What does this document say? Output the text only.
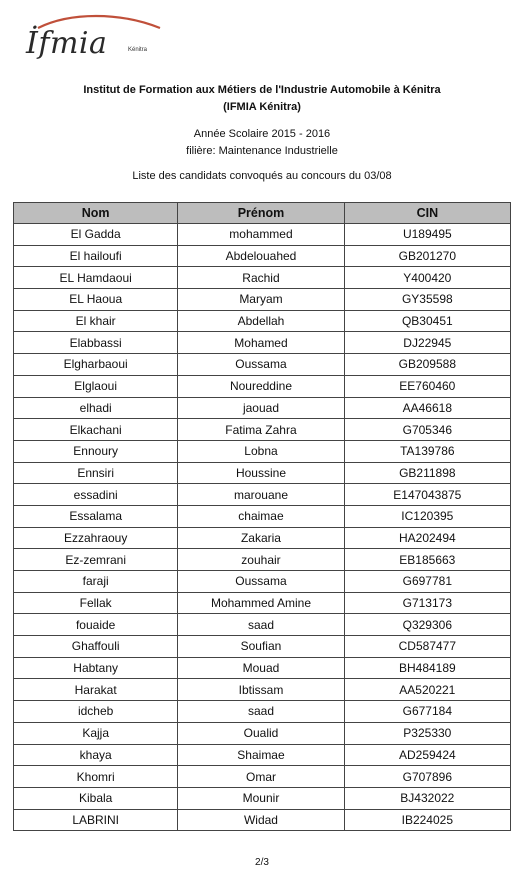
İfmia	Kénitra
Institut de Formation aux Métiers de l'Industrie Automobile à Kénitra
(IFMIA Kénitra)
Année Scolaire 2015 - 2016
filière: Maintenance Industrielle
Liste des candidats convoqués au concours du 03/08
Nom	Prénom	CIN
El Gadda	mohammed	U189495
El hailoufi	Abdelouahed	GB201270
EL Hamdaoui	Rachid	Y400420
EL Haoua	Maryam	GY35598
El khair	Abdellah	QB30451
Elabbassi	Mohamed	DJ22945
Elgharbaoui	Oussama	GB209588
Elglaoui	Noureddine	EE760460
elhadi	jaouad	AA46618
Elkachani	Fatima Zahra	G705346
Ennoury	Lobna	TA139786
Ennsiri	Houssine	GB211898
essadini	marouane	E147043875
Essalama	chaimae	IC120395
Ezzahraouy	Zakaria	HA202494
Ez-zemrani	zouhair	EB185663
faraji	Oussama	G697781
Fellak	Mohammed Amine	G713173
fouaide	saad	Q329306
Ghaffouli	Soufian	CD587477
Habtany	Mouad	BH484189
Harakat	Ibtissam	AA520221
idcheb	saad	G677184
Kajja	Oualid	P325330
khaya	Shaimae	AD259424
Khomri	Omar	G707896
Kibala	Mounir	BJ432022
LABRINI	Widad	IB224025
2/3
